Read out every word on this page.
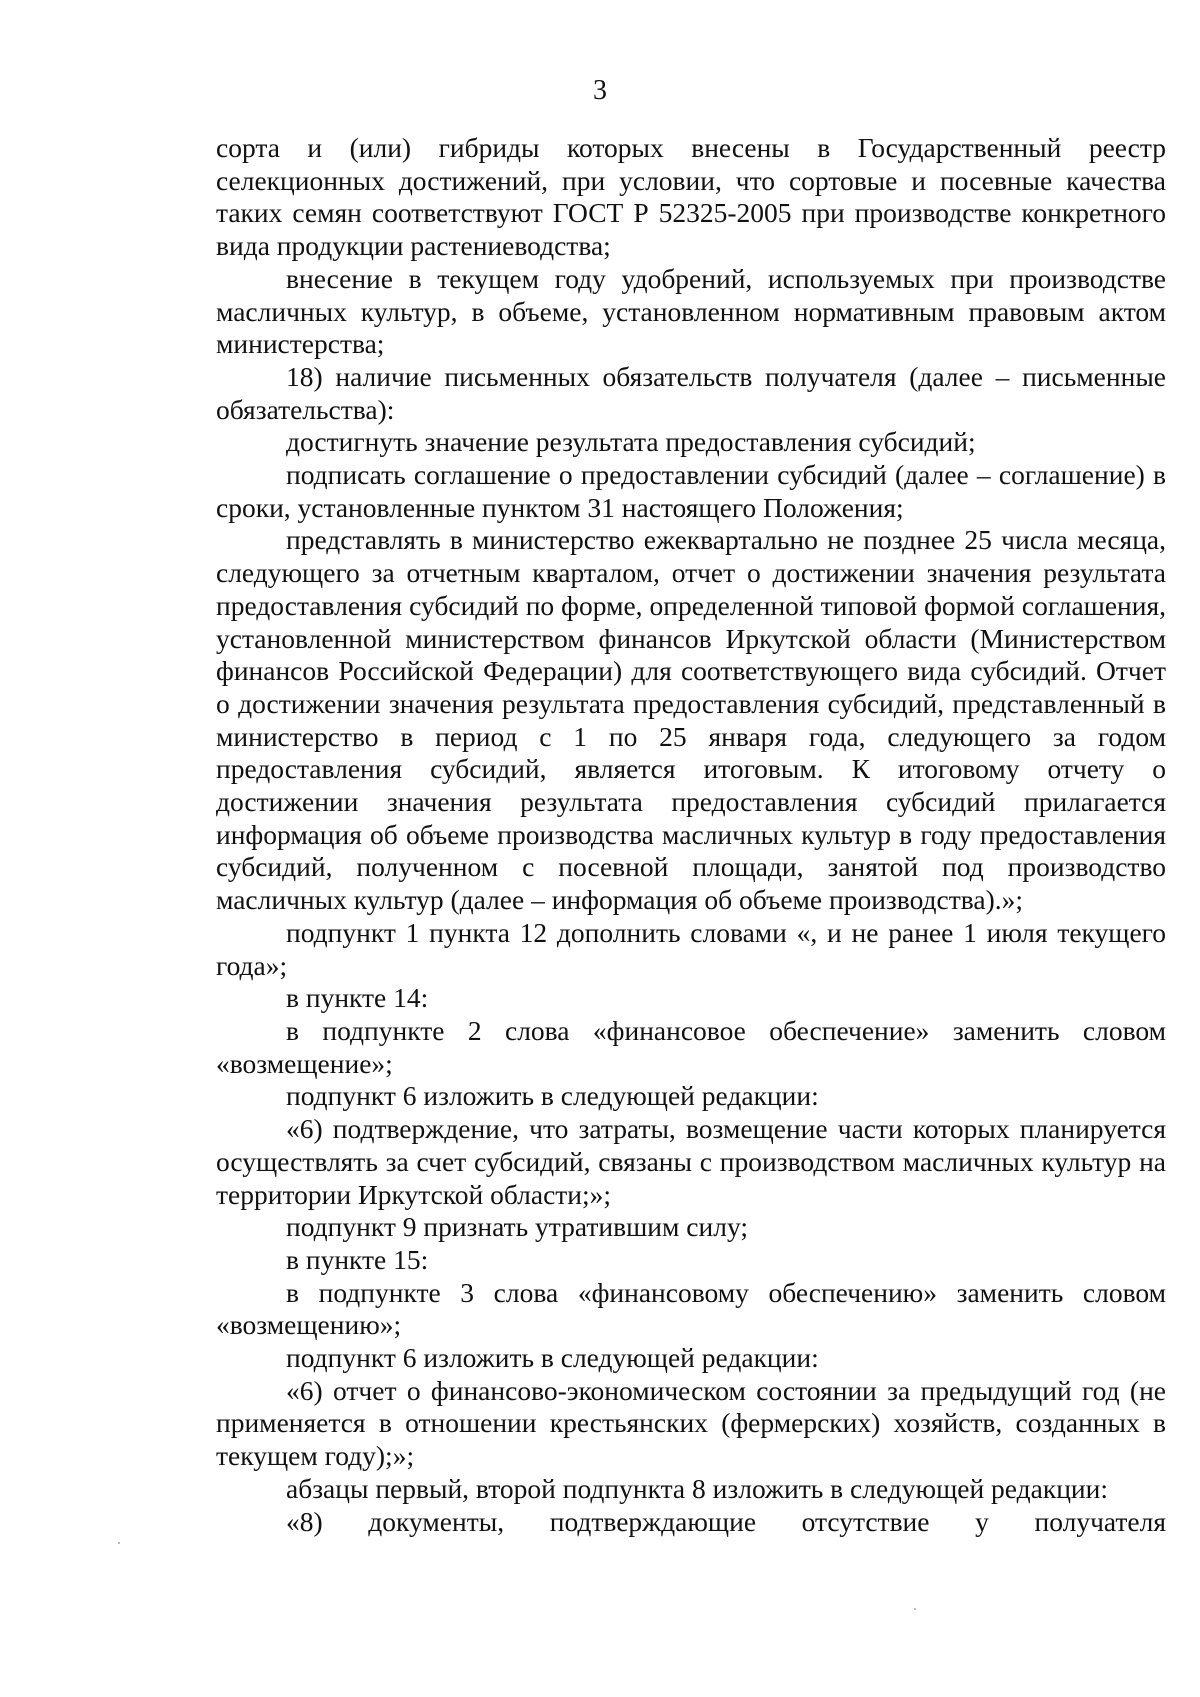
3

сорта и (или) гибриды которых внесены в Государственный реестр селекционных достижений, при условии, что сортовые и посевные качества таких семян соответствуют ГОСТ Р 52325-2005 при производстве конкретного вида продукции растениеводства;

внесение в текущем году удобрений, используемых при производстве масличных культур, в объеме, установленном нормативным правовым актом министерства;

18) наличие письменных обязательств получателя (далее – письменные обязательства):

достигнуть значение результата предоставления субсидий;

подписать соглашение о предоставлении субсидий (далее – соглашение) в сроки, установленные пунктом 31 настоящего Положения;

представлять в министерство ежеквартально не позднее 25 числа месяца, следующего за отчетным кварталом, отчет о достижении значения результата предоставления субсидий по форме, определенной типовой формой соглашения, установленной министерством финансов Иркутской области (Министерством финансов Российской Федерации) для соответствующего вида субсидий. Отчет о достижении значения результата предоставления субсидий, представленный в министерство в период с 1 по 25 января года, следующего за годом предоставления субсидий, является итоговым. К итоговому отчету о достижении значения результата предоставления субсидий прилагается информация об объеме производства масличных культур в году предоставления субсидий, полученном с посевной площади, занятой под производство масличных культур (далее – информация об объеме производства).»;

подпункт 1 пункта 12 дополнить словами «, и не ранее 1 июля текущего года»;

в пункте 14:

в подпункте 2 слова «финансовое обеспечение» заменить словом «возмещение»;

подпункт 6 изложить в следующей редакции:

«6) подтверждение, что затраты, возмещение части которых планируется осуществлять за счет субсидий, связаны с производством масличных культур на территории Иркутской области;»;

подпункт 9 признать утратившим силу;

в пункте 15:

в подпункте 3 слова «финансовому обеспечению» заменить словом «возмещению»;

подпункт 6 изложить в следующей редакции:

«6) отчет о финансово-экономическом состоянии за предыдущий год (не применяется в отношении крестьянских (фермерских) хозяйств, созданных в текущем году);»;

абзацы первый, второй подпункта 8 изложить в следующей редакции:

«8) документы, подтверждающие отсутствие у получателя
